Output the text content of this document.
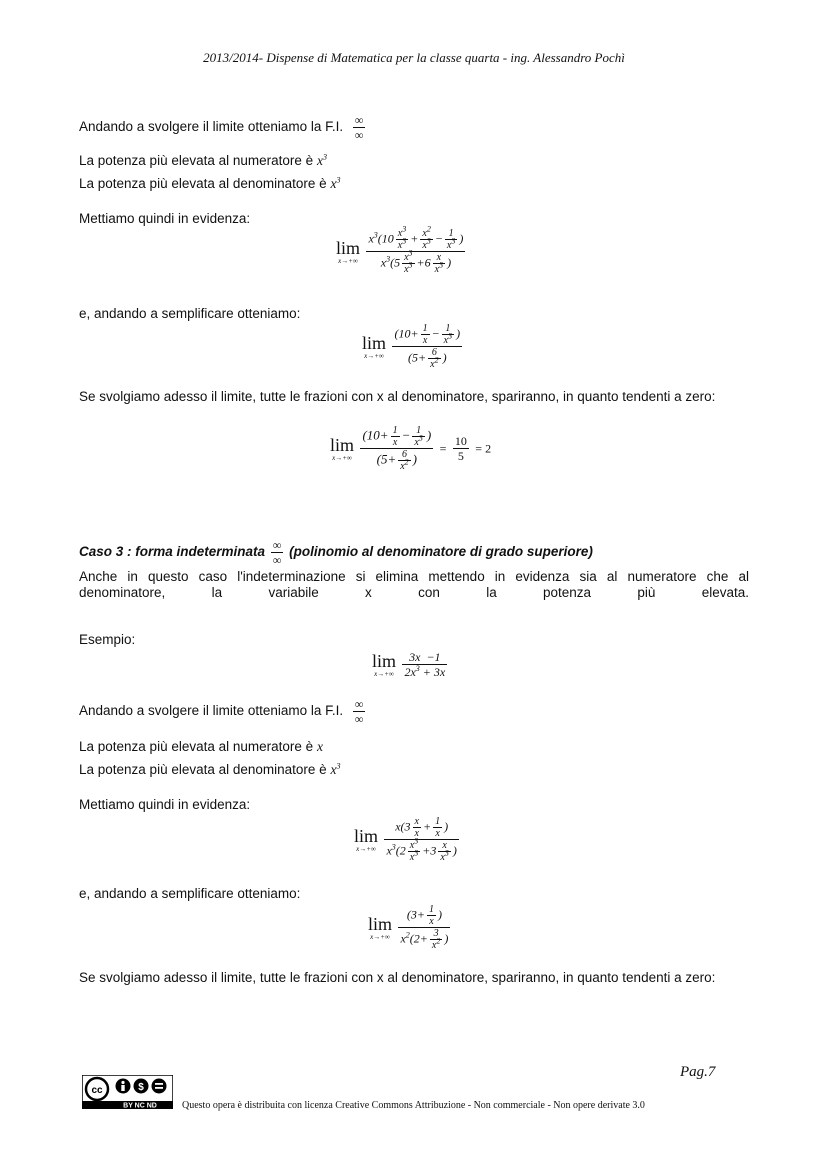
2013/2014- Dispense di Matematica per la classe quarta - ing. Alessandro Pochì
Andando a svolgere il limite otteniamo la F.I. $\frac{\infty}{\infty}$
La potenza più elevata al numeratore è $x^3$
La potenza più elevata al denominatore è $x^3$
Mettiamo quindi in evidenza:
lim
x→+∞
$\frac{x^3(10 \frac{x^3}{x^3} + \frac{x^2}{x^3} - \frac{1}{x^3} )}{x^3(5 \frac{x^3}{x^3} +6 \frac{x}{x^3} )}$
e, andando a semplificare otteniamo:
lim
x→+∞
$\frac{(10+ \frac{1}{x} - \frac{1}{x^3} )}{(5+ \frac{6}{x^2} )}$
Se svolgiamo adesso il limite, tutte le frazioni con x al denominatore, spariranno, in quanto tendenti a zero:
lim
x→+∞
$\frac{(10+ \frac{1}{x} - \frac{1}{x^3} )}{(5+ \frac{6}{x^2} )} = \frac{10}{5} = 2$
Caso 3 : forma indeterminata $\frac{\infty}{\infty}$ (polinomio al denominatore di grado superiore)
Anche in questo caso l'indeterminazione si elimina mettendo in evidenza sia al numeratore che al denominatore, la variabile x con la potenza più elevata.
Esempio:
lim
x→+∞
$\frac{3x -1}{2x^3 + 3x}$
Andando a svolgere il limite otteniamo la F.I. $\frac{\infty}{\infty}$
La potenza più elevata al numeratore è x
La potenza più elevata al denominatore è $x^3$
Mettiamo quindi in evidenza:
lim
x→+∞
$\frac{x(3 \frac{x}{x} + \frac{1}{x} )}{x^3(2 \frac{x^3}{x^3} +3 \frac{x}{x^3} )}$
e, andando a semplificare otteniamo:
lim
x→+∞
$\frac{(3+ \frac{1}{x} )}{x^2(2+ \frac{3}{x^2} )}$
Se svolgiamo adesso il limite, tutte le frazioni con x al denominatore, spariranno, in quanto tendenti a zero:
Pag.7
cc	$
BY NC ND	Questo opera è distribuita con licenza Creative Commons Attribuzione - Non commerciale - Non opere derivate 3.0
